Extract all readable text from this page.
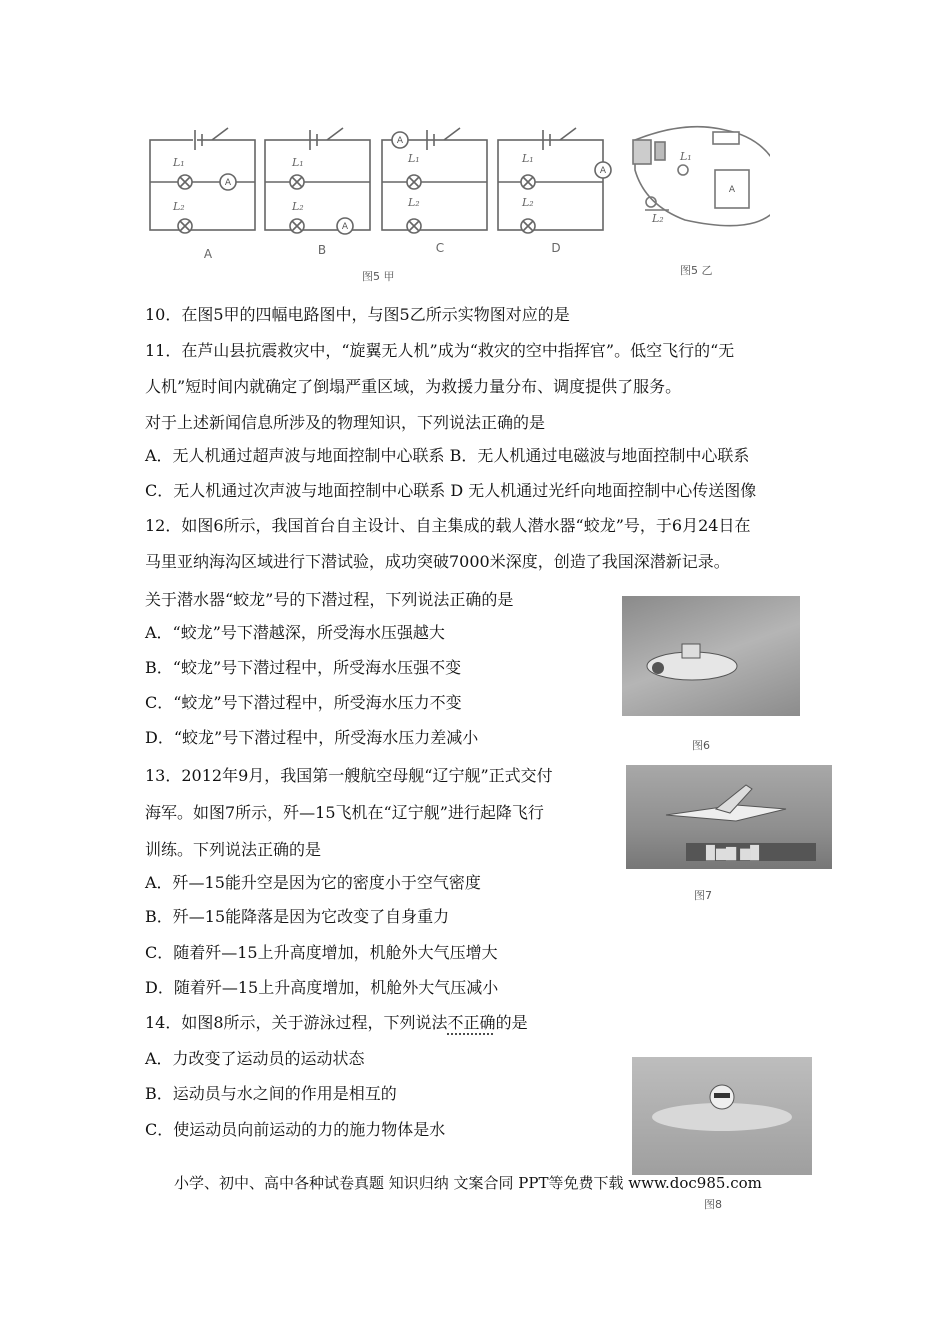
L₁
L₂
L₁
L₂
L₁
L₂
L₁
L₂
L₁
L₂
A
A
A
A
A
A	B	C	D
图5 甲	图5 乙
10．在图5甲的四幅电路图中，与图5乙所示实物图对应的是
11．在芦山县抗震救灾中，“旋翼无人机”成为“救灾的空中指挥官”。低空飞行的“无
人机”短时间内就确定了倒塌严重区域，为救援力量分布、调度提供了服务。
对于上述新闻信息所涉及的物理知识，下列说法正确的是
A．无人机通过超声波与地面控制中心联系 B．无人机通过电磁波与地面控制中心联系
C．无人机通过次声波与地面控制中心联系 D 无人机通过光纤向地面控制中心传送图像
12．如图6所示，我国首台自主设计、自主集成的载人潜水器“蛟龙”号，于6月24日在
马里亚纳海沟区域进行下潜试验，成功突破7000米深度，创造了我国深潜新记录。
关于潜水器“蛟龙”号的下潜过程，下列说法正确的是
A．“蛟龙”号下潜越深，所受海水压强越大
B．“蛟龙”号下潜过程中，所受海水压强不变
C．“蛟龙”号下潜过程中，所受海水压力不变
D．“蛟龙”号下潜过程中，所受海水压力差减小	图6
13．2012年9月，我国第一艘航空母舰“辽宁舰”正式交付
海军。如图7所示，歼—15飞机在“辽宁舰”进行起降飞行
训练。下列说法正确的是
A．歼—15能升空是因为它的密度小于空气密度
B．歼—15能降落是因为它改变了自身重力
C．随着歼—15上升高度增加，机舱外大气压增大
D．随着歼—15上升高度增加，机舱外大气压减小
▉▆▇ ▆▉
图7
14．如图8所示，关于游泳过程，下列说法不正确的是
A．力改变了运动员的运动状态
B．运动员与水之间的作用是相互的
C．使运动员向前运动的力的施力物体是水
图8
小学、初中、高中各种试卷真题 知识归纳 文案合同 PPT等免费下载 www.doc985.com
